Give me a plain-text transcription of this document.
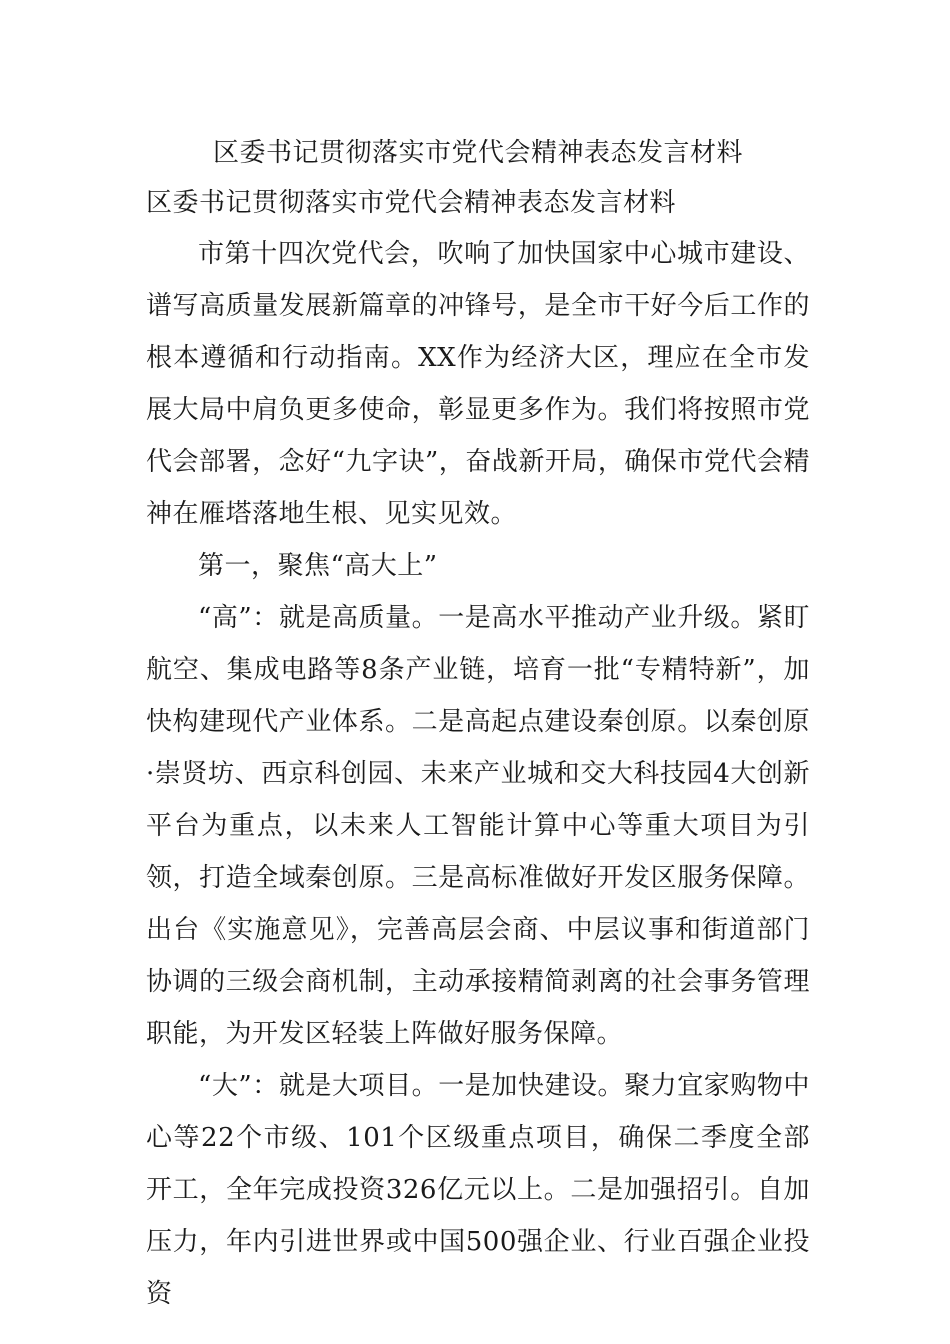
区委书记贯彻落实市党代会精神表态发言材料

区委书记贯彻落实市党代会精神表态发言材料

市第十四次党代会，吹响了加快国家中心城市建设、谱写高质量发展新篇章的冲锋号，是全市干好今后工作的根本遵循和行动指南。XX作为经济大区，理应在全市发展大局中肩负更多使命，彰显更多作为。我们将按照市党代会部署，念好“九字诀”，奋战新开局，确保市党代会精神在雁塔落地生根、见实见效。

第一，聚焦“高大上”

“高”：就是高质量。一是高水平推动产业升级。紧盯航空、集成电路等8条产业链，培育一批“专精特新”，加快构建现代产业体系。二是高起点建设秦创原。以秦创原·崇贤坊、西京科创园、未来产业城和交大科技园4大创新平台为重点，以未来人工智能计算中心等重大项目为引领，打造全域秦创原。三是高标准做好开发区服务保障。出台《实施意见》，完善高层会商、中层议事和街道部门协调的三级会商机制，主动承接精简剥离的社会事务管理职能，为开发区轻装上阵做好服务保障。

“大”：就是大项目。一是加快建设。聚力宜家购物中心等22个市级、101个区级重点项目，确保二季度全部开工，全年完成投资326亿元以上。二是加强招引。自加压力，年内引进世界或中国500强企业、行业百强企业投资
